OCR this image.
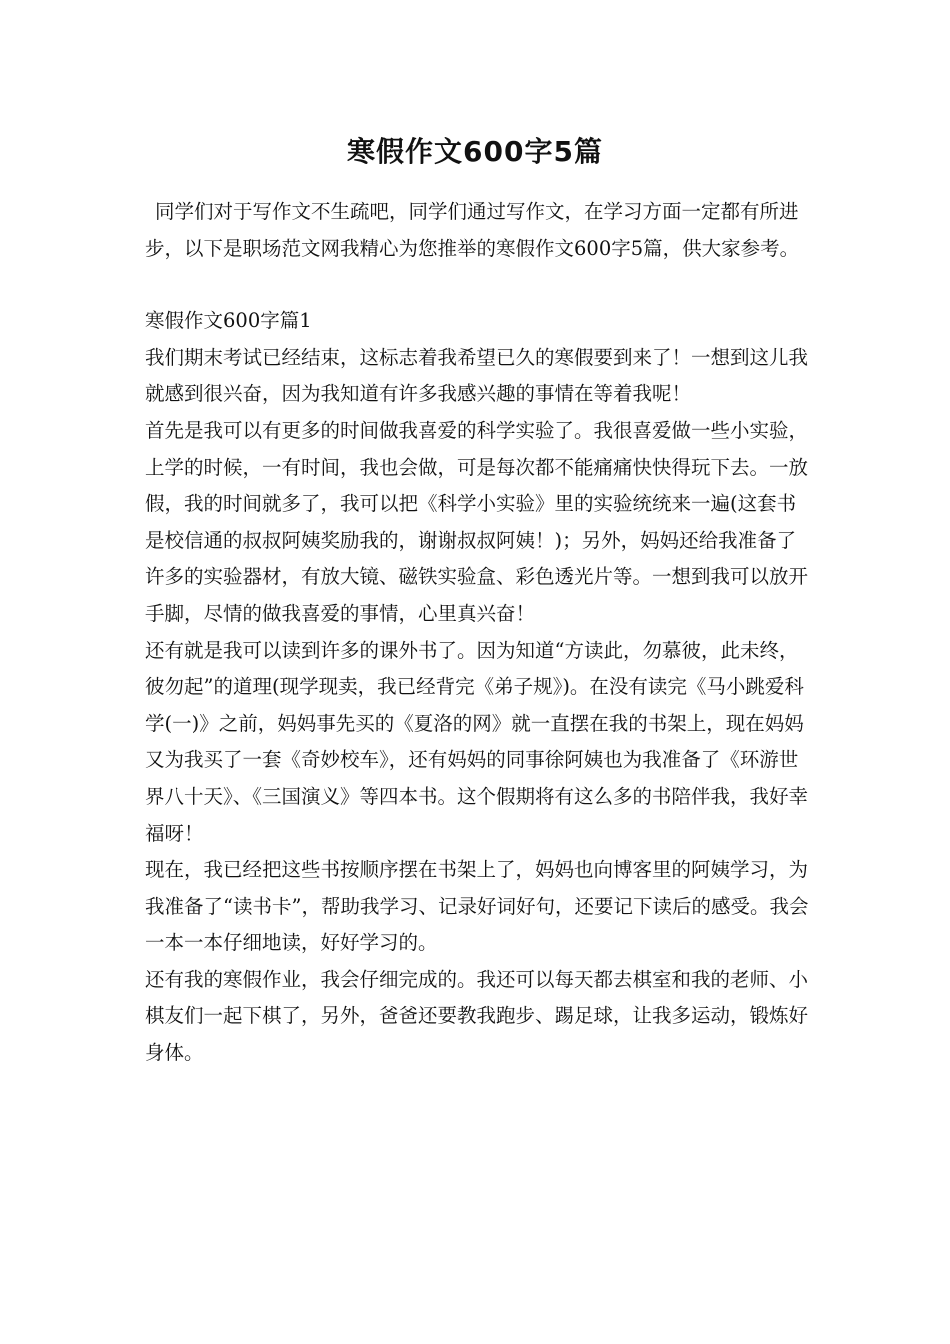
寒假作文600字5篇

同学们对于写作文不生疏吧，同学们通过写作文，在学习方面一定都有所进步，以下是职场范文网我精心为您推举的寒假作文600字5篇，供大家参考。

寒假作文600字篇1

我们期末考试已经结束，这标志着我希望已久的寒假要到来了！一想到这儿我就感到很兴奋，因为我知道有许多我感兴趣的事情在等着我呢！

首先是我可以有更多的时间做我喜爱的科学实验了。我很喜爱做一些小实验，上学的时候，一有时间，我也会做，可是每次都不能痛痛快快得玩下去。一放假，我的时间就多了，我可以把《科学小实验》里的实验统统来一遍(这套书是校信通的叔叔阿姨奖励我的，谢谢叔叔阿姨！)；另外，妈妈还给我准备了许多的实验器材，有放大镜、磁铁实验盒、彩色透光片等。一想到我可以放开手脚，尽情的做我喜爱的事情，心里真兴奋！

还有就是我可以读到许多的课外书了。因为知道“方读此，勿慕彼，此未终，彼勿起”的道理(现学现卖，我已经背完《弟子规》)。在没有读完《马小跳爱科学(一)》之前，妈妈事先买的《夏洛的网》就一直摆在我的书架上，现在妈妈又为我买了一套《奇妙校车》，还有妈妈的同事徐阿姨也为我准备了《环游世界八十天》、《三国演义》等四本书。这个假期将有这么多的书陪伴我，我好幸福呀！

现在，我已经把这些书按顺序摆在书架上了，妈妈也向博客里的阿姨学习，为我准备了“读书卡”，帮助我学习、记录好词好句，还要记下读后的感受。我会一本一本仔细地读，好好学习的。

还有我的寒假作业，我会仔细完成的。我还可以每天都去棋室和我的老师、小棋友们一起下棋了，另外，爸爸还要教我跑步、踢足球，让我多运动，锻炼好身体。
